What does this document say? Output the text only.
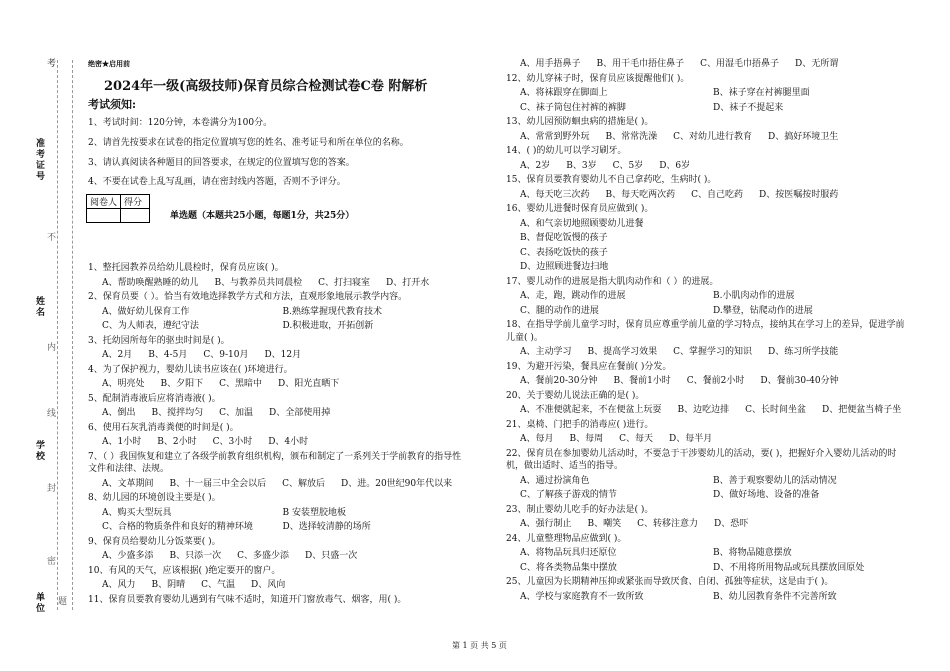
考
准考证号
姓名
学校
单位
不
内
线
封
密
题
绝密★启用前
2024年一级(高级技师)保育员综合检测试卷C卷 附解析
考试须知:
1、考试时间：120分钟，本卷满分为100分。
2、请首先按要求在试卷的指定位置填写您的姓名、准考证号和所在单位的名称。
3、请认真阅读各种题目的回答要求，在规定的位置填写您的答案。
4、不要在试卷上乱写乱画，请在密封线内答题，否则不予评分。
阅卷人	得分

单选题（本题共25小题，每题1分，共25分）
1、整托园教养员给幼儿晨检时，保育员应该( )。
A、帮助唤醒熟睡的幼儿 B、与教养员共同晨检 C、打扫寝室 D、打开水
2、保育员要（ ）。恰当有效地选择教学方式和方法，直观形象地展示教学内容。
A、做好幼儿保育工作	B.熟练掌握现代教育技术
C、为人师表，遵纪守法	D.积极进取，开拓创新
3、托幼园所每年的驱虫时间是( )。
A、2月 B、4-5月 C、9-10月 D、12月
4、为了保护视力，婴幼儿读书应该在( )环境进行。
A、明亮处 B、夕阳下 C、黑暗中 D、阳光直晒下
5、配制消毒液后应将消毒液( )。
A、倒出 B、搅拌均匀 C、加温 D、全部使用掉
6、使用石灰乳消毒粪便的时间是( )。
A、1小时 B、2小时 C、3小时 D、4小时
7、（ ）我国恢复和建立了各级学前教育组织机构，颁布和制定了一系列关于学前教育的指导性文件和法律、法规。
A、文革期间 B、十一届三中全会以后 C、解放后 D、进。20世纪90年代以来
8、幼儿园的环境创设主要是( )。
A、购买大型玩具	B 安装塑胶地板
C、合格的物质条件和良好的精神环境	D、选择较清静的场所
9、保育员给婴幼儿分饭菜要( )。
A、少盛多添 B、只添一次 C、多盛少添 D、只盛一次
10、有风的天气，应该根据( )绝定要开的窗户。
A、风力 B、阴晴 C、气温 D、风向
11、保育员要教育婴幼儿遇到有气味不适时，知道开门窗放毒气、烟客，用( )。
A、用手捂鼻子 B、用干毛巾捂住鼻子 C、用湿毛巾捂鼻子 D、无所谓
12、幼儿穿袜子时，保育员应该提醒他们( )。
A、将袜跟穿在脚面上	B、袜子穿在衬裤腿里面
C、袜子筒包住衬裤的裤脚	D、袜子不提起来
13、幼儿园预防蛔虫病的措施是( )。
A、常常到野外玩 B、常常洗澡 C、对幼儿进行教育 D、搞好环境卫生
14、( )的幼儿可以学习刷牙。
A、2岁 B、3岁 C、5岁 D、6岁
15、保育员要教育婴幼儿不自己拿药吃，生病时( )。
A、每天吃三次药 B、每天吃两次药 C、自己吃药 D、按医嘱按时服药
16、婴幼儿进餐时保育员应做到( )。
A、和气亲切地照顾婴幼儿进餐
B、督促吃饭慢的孩子
C、表扬吃饭快的孩子
D、边照顾进餐边扫地
17、婴儿动作的进展是指大肌肉动作和（ ）的进展。
A、走，跑，跳动作的进展	B.小肌肉动作的进展
C、腿的动作的进展	D.攀登，钻爬动作的进展
18、在指导学前儿童学习时，保育员应尊重学前儿童的学习特点，接纳其在学习上的差异，促进学前儿童( )。
A、主动学习 B、提高学习效果 C、掌握学习的知识 D、练习所学技能
19、为避开污染，餐具应在餐前( )分发。
A、餐前20-30分钟 B、餐前1小时 C、餐前2小时 D、餐前30-40分钟
20、关于婴幼儿说法正确的是( )。
A、不准便就起来，不在便盆上玩耍 B、边吃边排 C、长时间坐盆 D、把便盆当椅子坐
21、桌椅、门把手的消毒应( )进行。
A、每月 B、每周 C、每天 D、每半月
22、保育员在参加婴幼儿活动时，不要急于干涉婴幼儿的活动，要( )，把握好介入婴幼儿活动的时机，做出适时、适当的指导。
A、通过扮演角色	B、善于观察婴幼儿的活动情况
C、了解孩子游戏的情节	D、做好场地、设备的准备
23、制止婴幼儿吃手的好办法是( )。
A、强行制止 B、嘲笑 C、转移注意力 D、恐吓
24、儿童整理物品应做到( )。
A、将物品玩具归还原位	B、将物品随意摆放
C、将各类物品集中摆放	D、不用将所用物品或玩具摆放回原处
25、儿童因为长期精神压抑或紧张而导致厌食、自闭、孤独等症状，这是由于( )。
A、学校与家庭教育不一致所致	B、幼儿园教育条件不完善所致
第 1 页 共 5 页
